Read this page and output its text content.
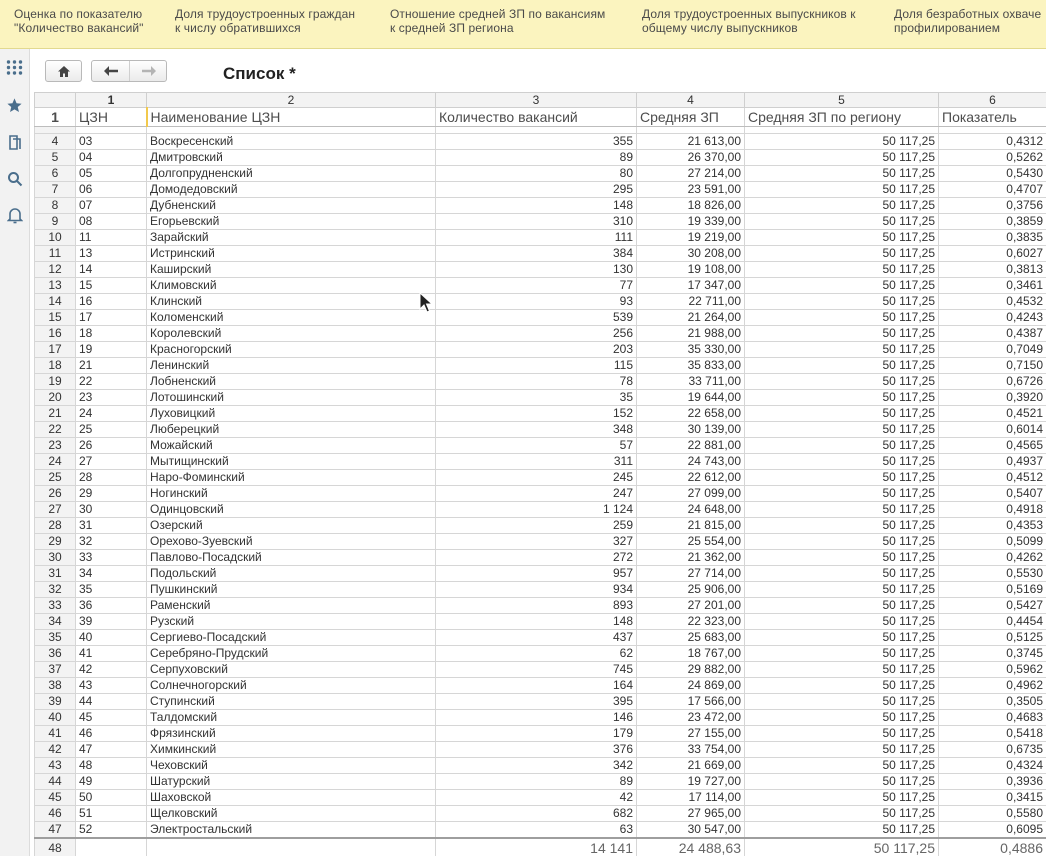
Оценка по показателю
"Количество вакансий"
Доля трудоустроенных граждан
к числу обратившихся
Отношение средней ЗП по вакансиям
к средней ЗП региона
Доля трудоустроенных выпускников к
общему числу выпускников
Доля безработных охваче
профилированием
Список *
	1	2	3	4	5	6
1	ЦЗН	Наименование ЦЗН	Количество вакансий	Средняя ЗП	Средняя ЗП по региону	Показатель

4	03	Воскресенский	355	21 613,00	50 117,25	0,4312
5	04	Дмитровский	89	26 370,00	50 117,25	0,5262
6	05	Долгопрудненский	80	27 214,00	50 117,25	0,5430
7	06	Домодедовский	295	23 591,00	50 117,25	0,4707
8	07	Дубненский	148	18 826,00	50 117,25	0,3756
9	08	Егорьевский	310	19 339,00	50 117,25	0,3859
10	11	Зарайский	111	19 219,00	50 117,25	0,3835
11	13	Истринский	384	30 208,00	50 117,25	0,6027
12	14	Каширский	130	19 108,00	50 117,25	0,3813
13	15	Климовский	77	17 347,00	50 117,25	0,3461
14	16	Клинский	93	22 711,00	50 117,25	0,4532
15	17	Коломенский	539	21 264,00	50 117,25	0,4243
16	18	Королевский	256	21 988,00	50 117,25	0,4387
17	19	Красногорский	203	35 330,00	50 117,25	0,7049
18	21	Ленинский	115	35 833,00	50 117,25	0,7150
19	22	Лобненский	78	33 711,00	50 117,25	0,6726
20	23	Лотошинский	35	19 644,00	50 117,25	0,3920
21	24	Луховицкий	152	22 658,00	50 117,25	0,4521
22	25	Люберецкий	348	30 139,00	50 117,25	0,6014
23	26	Можайский	57	22 881,00	50 117,25	0,4565
24	27	Мытищинский	311	24 743,00	50 117,25	0,4937
25	28	Наро-Фоминский	245	22 612,00	50 117,25	0,4512
26	29	Ногинский	247	27 099,00	50 117,25	0,5407
27	30	Одинцовский	1 124	24 648,00	50 117,25	0,4918
28	31	Озерский	259	21 815,00	50 117,25	0,4353
29	32	Орехово-Зуевский	327	25 554,00	50 117,25	0,5099
30	33	Павлово-Посадский	272	21 362,00	50 117,25	0,4262
31	34	Подольский	957	27 714,00	50 117,25	0,5530
32	35	Пушкинский	934	25 906,00	50 117,25	0,5169
33	36	Раменский	893	27 201,00	50 117,25	0,5427
34	39	Рузский	148	22 323,00	50 117,25	0,4454
35	40	Сергиево-Посадский	437	25 683,00	50 117,25	0,5125
36	41	Серебряно-Прудский	62	18 767,00	50 117,25	0,3745
37	42	Серпуховский	745	29 882,00	50 117,25	0,5962
38	43	Солнечногорский	164	24 869,00	50 117,25	0,4962
39	44	Ступинский	395	17 566,00	50 117,25	0,3505
40	45	Талдомский	146	23 472,00	50 117,25	0,4683
41	46	Фрязинский	179	27 155,00	50 117,25	0,5418
42	47	Химкинский	376	33 754,00	50 117,25	0,6735
43	48	Чеховский	342	21 669,00	50 117,25	0,4324
44	49	Шатурский	89	19 727,00	50 117,25	0,3936
45	50	Шаховской	42	17 114,00	50 117,25	0,3415
46	51	Щелковский	682	27 965,00	50 117,25	0,5580
47	52	Электростальский	63	30 547,00	50 117,25	0,6095
48			14 141	24 488,63	50 117,25	0,4886
